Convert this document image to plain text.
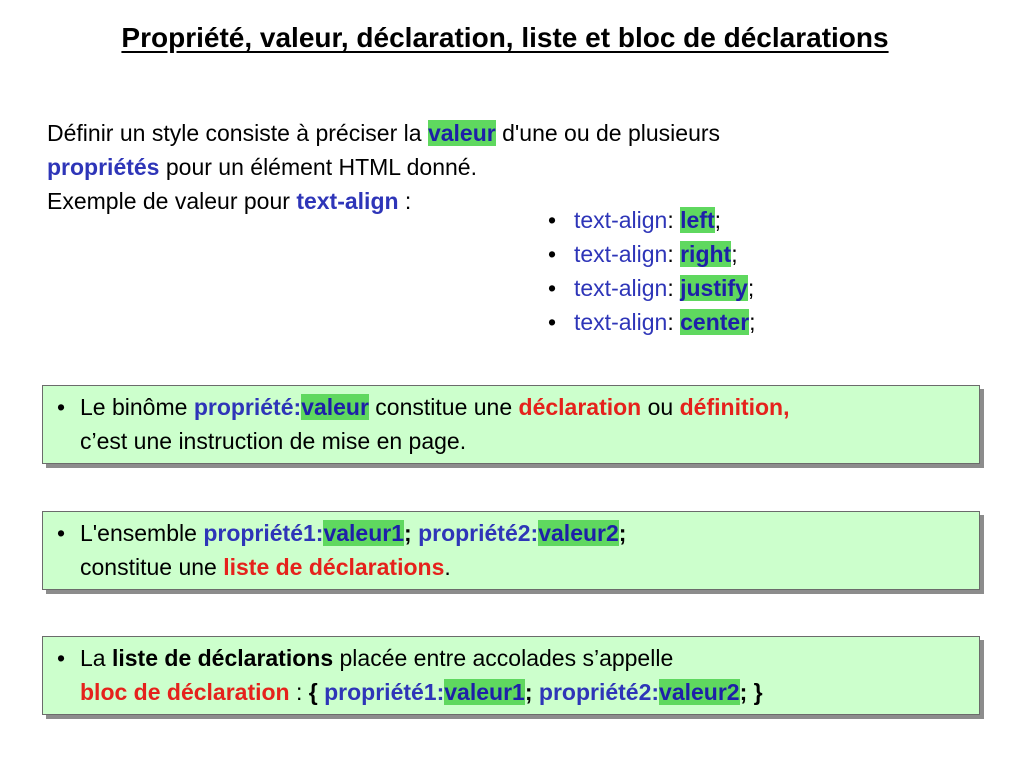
Propriété, valeur, déclaration, liste et bloc de déclarations
Définir un style consiste à préciser la valeur d'une ou de plusieurs
propriétés pour un élément HTML donné.
Exemple de valeur pour text-align :
• text-align: left;
• text-align: right;
• text-align: justify;
• text-align: center;
• Le binôme propriété:valeur constitue une déclaration ou définition,
c’est une instruction de mise en page.
• L'ensemble propriété1:valeur1; propriété2:valeur2;
constitue une liste de déclarations.
• La liste de déclarations placée entre accolades s’appelle
bloc de déclaration : { propriété1:valeur1; propriété2:valeur2; }
